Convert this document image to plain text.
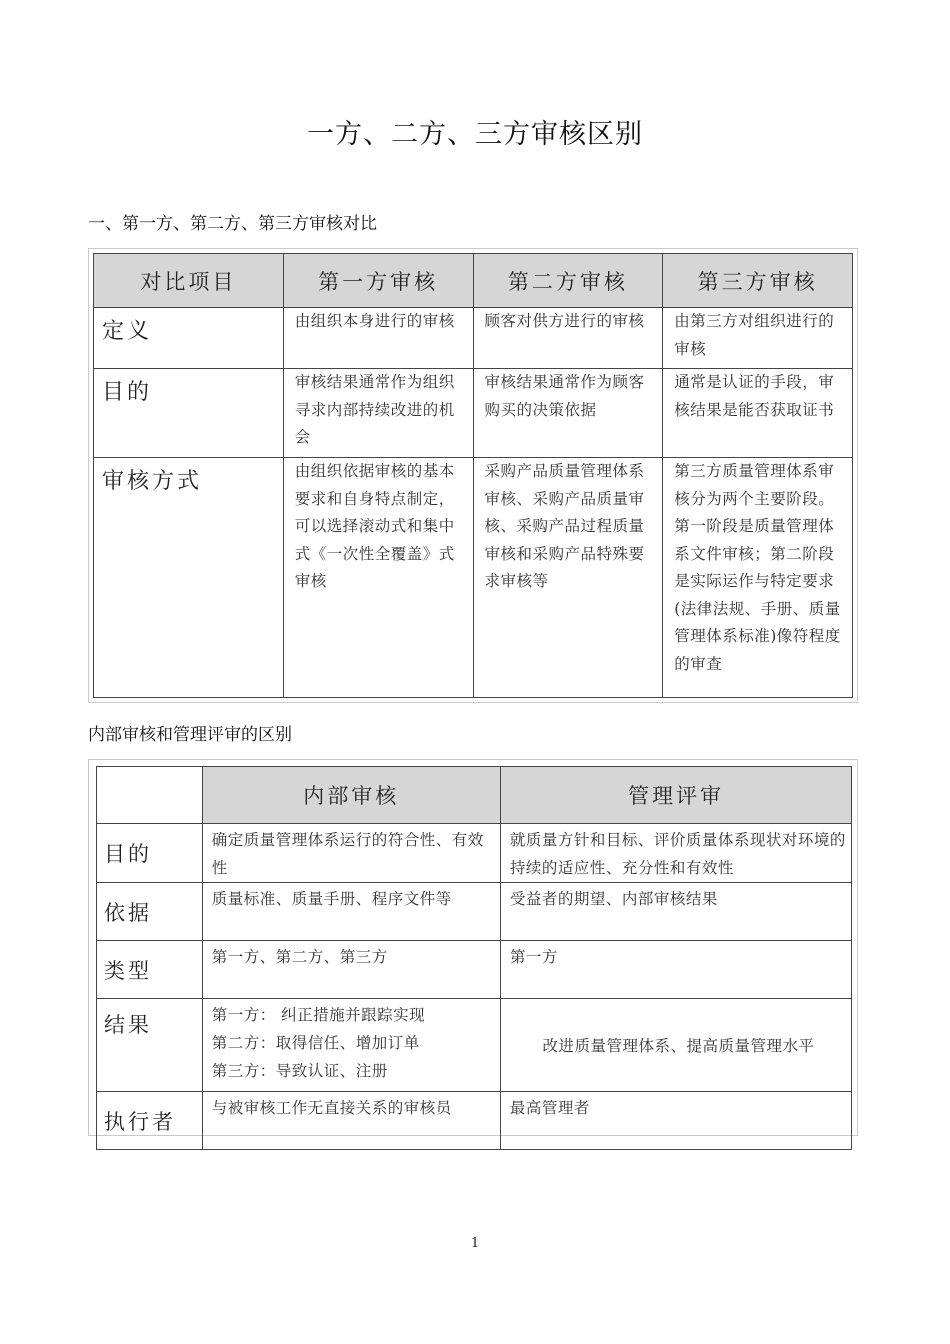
一方、二方、三方审核区别
一、第一方、第二方、第三方审核对比
对比项目	第一方审核	第二方审核	第三方审核
定义	由组织本身进行的审核	顾客对供方进行的审核	由第三方对组织进行的审核
目的	审核结果通常作为组织寻求内部持续改进的机会	审核结果通常作为顾客购买的决策依据	通常是认证的手段，审核结果是能否获取证书
审核方式	由组织依据审核的基本要求和自身特点制定，可以选择滚动式和集中式《一次性全覆盖》式审核	采购产品质量管理体系审核、采购产品质量审核、采购产品过程质量审核和采购产品特殊要求审核等	第三方质量管理体系审核分为两个主要阶段。第一阶段是质量管理体系文件审核；第二阶段是实际运作与特定要求(法律法规、手册、质量管理体系标准)像符程度的审查
内部审核和管理评审的区别
	内部审核	管理评审
目的	确定质量管理体系运行的符合性、有效性	就质量方针和目标、评价质量体系现状对环境的持续的适应性、充分性和有效性
依据	质量标准、质量手册、程序文件等	受益者的期望、内部审核结果
类型	第一方、第二方、第三方	第一方
结果	第一方： 纠正措施并跟踪实现
第二方：取得信任、增加订单
第三方：导致认证、注册	改进质量管理体系、提高质量管理水平
执行者	与被审核工作无直接关系的审核员	最高管理者
1
